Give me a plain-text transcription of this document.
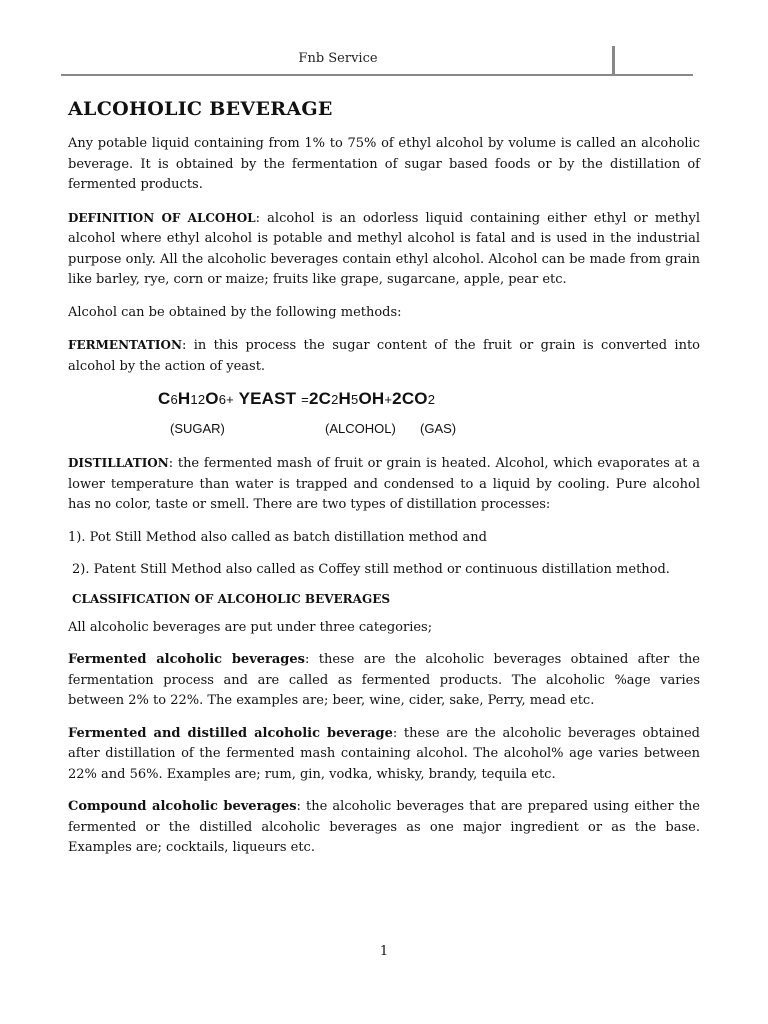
Fnb Service
ALCOHOLIC BEVERAGE

Any potable liquid containing from 1% to 75% of ethyl alcohol by volume is called an alcoholic beverage. It is obtained by the fermentation of sugar based foods or by the distillation of fermented products.

DEFINITION OF ALCOHOL: alcohol is an odorless liquid containing either ethyl or methyl alcohol where ethyl alcohol is potable and methyl alcohol is fatal and is used in the industrial purpose only. All the alcoholic beverages contain ethyl alcohol. Alcohol can be made from grain like barley, rye, corn or maize; fruits like grape, sugarcane, apple, pear etc.

Alcohol can be obtained by the following methods:

FERMENTATION: in this process the sugar content of the fruit or grain is converted into alcohol by the action of yeast.

C6H12O6+ YEAST =2C2H5OH+2CO2
(SUGAR)	(ALCOHOL) (GAS)

DISTILLATION: the fermented mash of fruit or grain is heated. Alcohol, which evaporates at a lower temperature than water is trapped and condensed to a liquid by cooling. Pure alcohol has no color, taste or smell. There are two types of distillation processes:

1). Pot Still Method also called as batch distillation method and
2). Patent Still Method also called as Coffey still method or continuous distillation method.
CLASSIFICATION OF ALCOHOLIC BEVERAGES

All alcoholic beverages are put under three categories;

Fermented alcoholic beverages: these are the alcoholic beverages obtained after the fermentation process and are called as fermented products. The alcoholic %age varies between 2% to 22%. The examples are; beer, wine, cider, sake, Perry, mead etc.

Fermented and distilled alcoholic beverage: these are the alcoholic beverages obtained after distillation of the fermented mash containing alcohol. The alcohol% age varies between 22% and 56%. Examples are; rum, gin, vodka, whisky, brandy, tequila etc.

Compound alcoholic beverages: the alcoholic beverages that are prepared using either the fermented or the distilled alcoholic beverages as one major ingredient or as the base. Examples are; cocktails, liqueurs etc.

1
